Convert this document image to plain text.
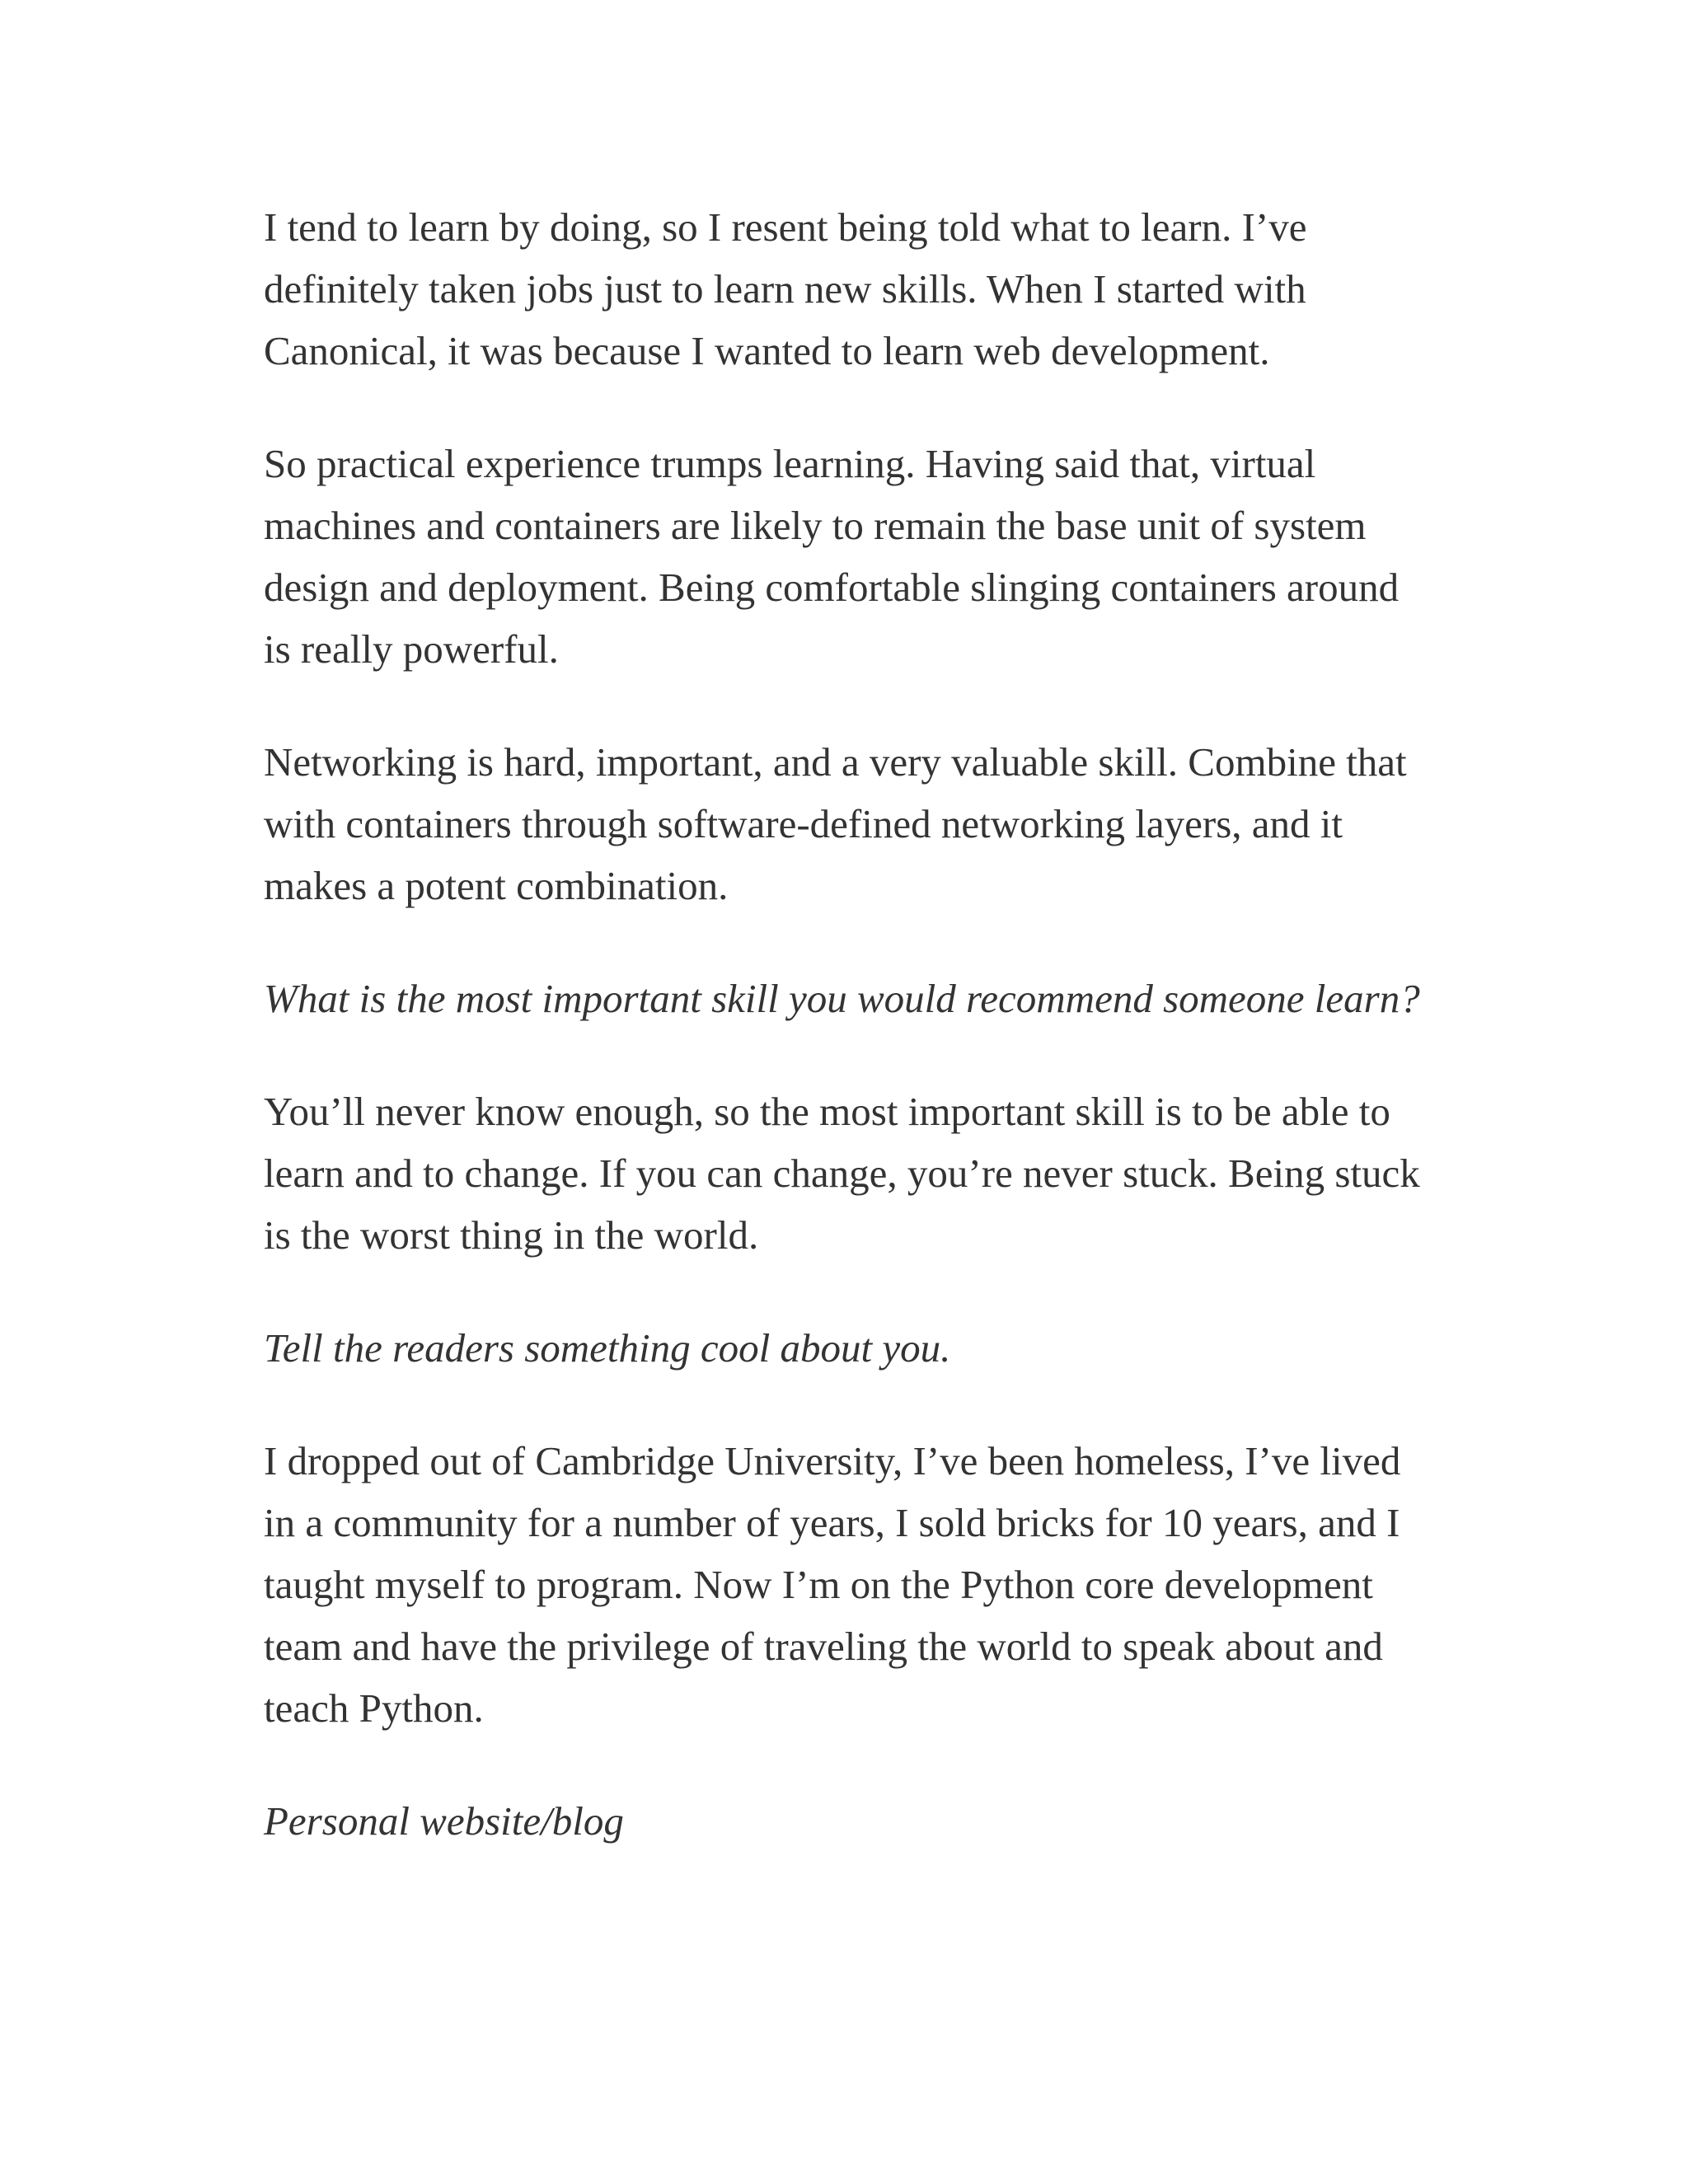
I tend to learn by doing, so I resent being told what to learn. I’ve definitely taken jobs just to learn new skills. When I started with Canonical, it was because I wanted to learn web development.

So practical experience trumps learning. Having said that, virtual machines and containers are likely to remain the base unit of system design and deployment. Being comfortable slinging containers around is really powerful.

Networking is hard, important, and a very valuable skill. Combine that with containers through software-defined networking layers, and it makes a potent combination.

What is the most important skill you would recommend someone learn?

You’ll never know enough, so the most important skill is to be able to learn and to change. If you can change, you’re never stuck. Being stuck is the worst thing in the world.

Tell the readers something cool about you.

I dropped out of Cambridge University, I’ve been homeless, I’ve lived in a community for a number of years, I sold bricks for 10 years, and I taught myself to program. Now I’m on the Python core development team and have the privilege of traveling the world to speak about and teach Python.

Personal website/blog
